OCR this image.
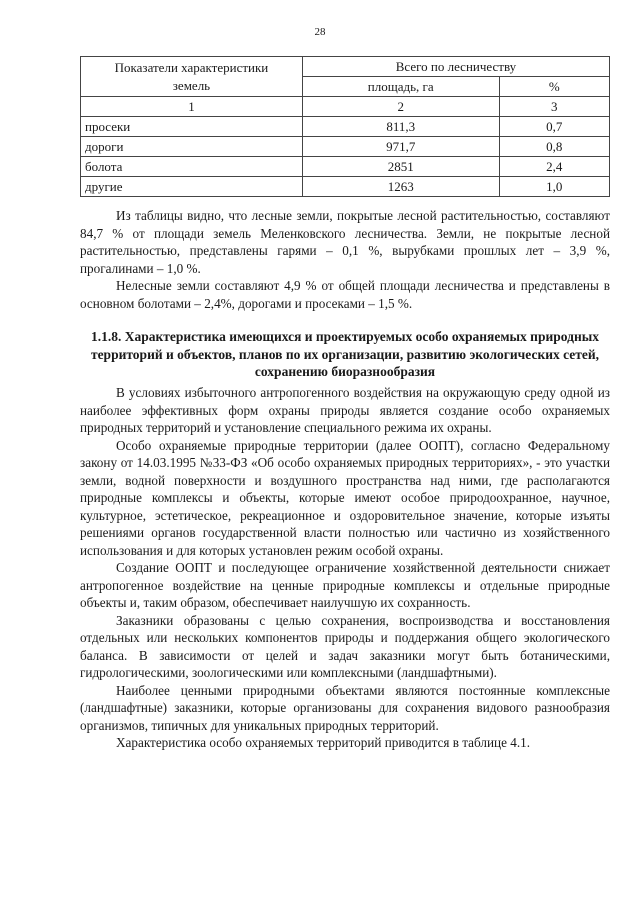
28
Показатели характеристики
земель	Всего по лесничеству	
	площадь, га	%
1	2	3
просеки	811,3	0,7
дороги	971,7	0,8
болота	2851	2,4
другие	1263	1,0

Из таблицы видно, что лесные земли, покрытые лесной растительностью, составляют 84,7 % от площади земель Меленковского лесничества. Земли, не покрытые лесной растительностью, представлены гарями – 0,1 %, вырубками прошлых лет – 3,9 %, прогалинами – 1,0 %.

Нелесные земли составляют 4,9 % от общей площади лесничества и представлены в основном болотами – 2,4%, дорогами и просеками – 1,5 %.

1.1.8. Характеристика имеющихся и проектируемых особо охраняемых природных территорий и объектов, планов по их организации, развитию экологических сетей, сохранению биоразнообразия

В условиях избыточного антропогенного воздействия на окружающую среду одной из наиболее эффективных форм охраны природы является создание особо охраняемых природных территорий и установление специального режима их охраны.

Особо охраняемые природные территории (далее ООПТ), согласно Федеральному закону от 14.03.1995 №33-ФЗ «Об особо охраняемых природных территориях», - это участки земли, водной поверхности и воздушного пространства над ними, где располагаются природные комплексы и объекты, которые имеют особое природоохранное, научное, культурное, эстетическое, рекреационное и оздоровительное значение, которые изъяты решениями органов государственной власти полностью или частично из хозяйственного использования и для которых установлен режим особой охраны.

Создание ООПТ и последующее ограничение хозяйственной деятельности снижает антропогенное воздействие на ценные природные комплексы и отдельные природные объекты и, таким образом, обеспечивает наилучшую их сохранность.

Заказники образованы с целью сохранения, воспроизводства и восстановления отдельных или нескольких компонентов природы и поддержания общего экологического баланса. В зависимости от целей и задач заказники могут быть ботаническими, гидрологическими, зоологическими или комплексными (ландшафтными).

Наиболее ценными природными объектами являются постоянные комплексные (ландшафтные) заказники, которые организованы для сохранения видового разнообразия организмов, типичных для уникальных природных территорий.

Характеристика особо охраняемых территорий приводится в таблице 4.1.
